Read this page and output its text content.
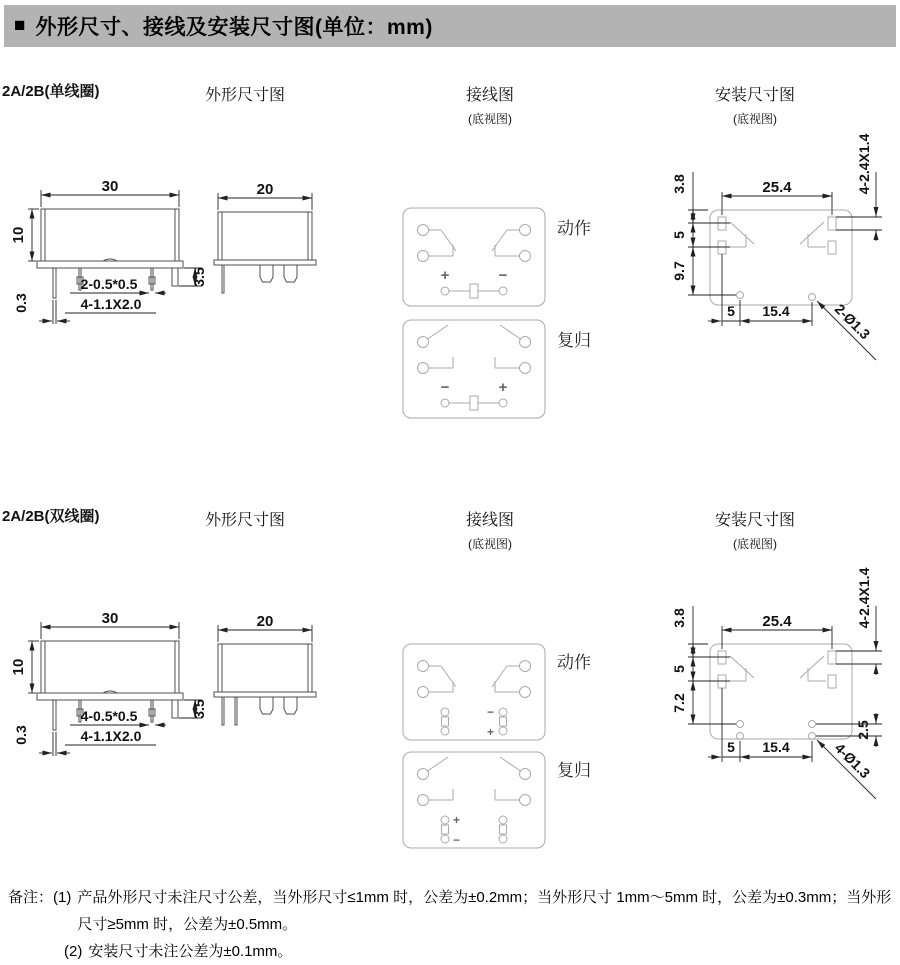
■ 外形尺寸、接线及安装尺寸图(单位：mm)
2A/2B(单线圈)	外形尺寸图	接线图
(底视图)
安装尺寸图
(底视图)
30
10
3.5
2-0.5*0.5
4-1.1X2.0
0.3
20
+	−
动作
−	+
复归
25.4
3.8
5
9.7
4-2.4X1.4
5 15.4	2-Ø1.3
2A/2B(双线圈)	外形尺寸图	接线图
(底视图)
安装尺寸图
(底视图)
30
10
3.5
4-0.5*0.5
4-1.1X2.0
0.3
20
−
+
动作
+
−
复归
25.4
3.8
5
7.2
4-2.4X1.4
2.5
5 15.4	4-Ø1.3
备注： (1) 产品外形尺寸未注尺寸公差，当外形尺寸≤1mm 时，公差为±0.2mm；当外形尺寸 1mm～5mm 时，公差为±0.3mm；当外形尺寸≥5mm 时，公差为±0.5mm。
(2) 安装尺寸未注公差为±0.1mm。
